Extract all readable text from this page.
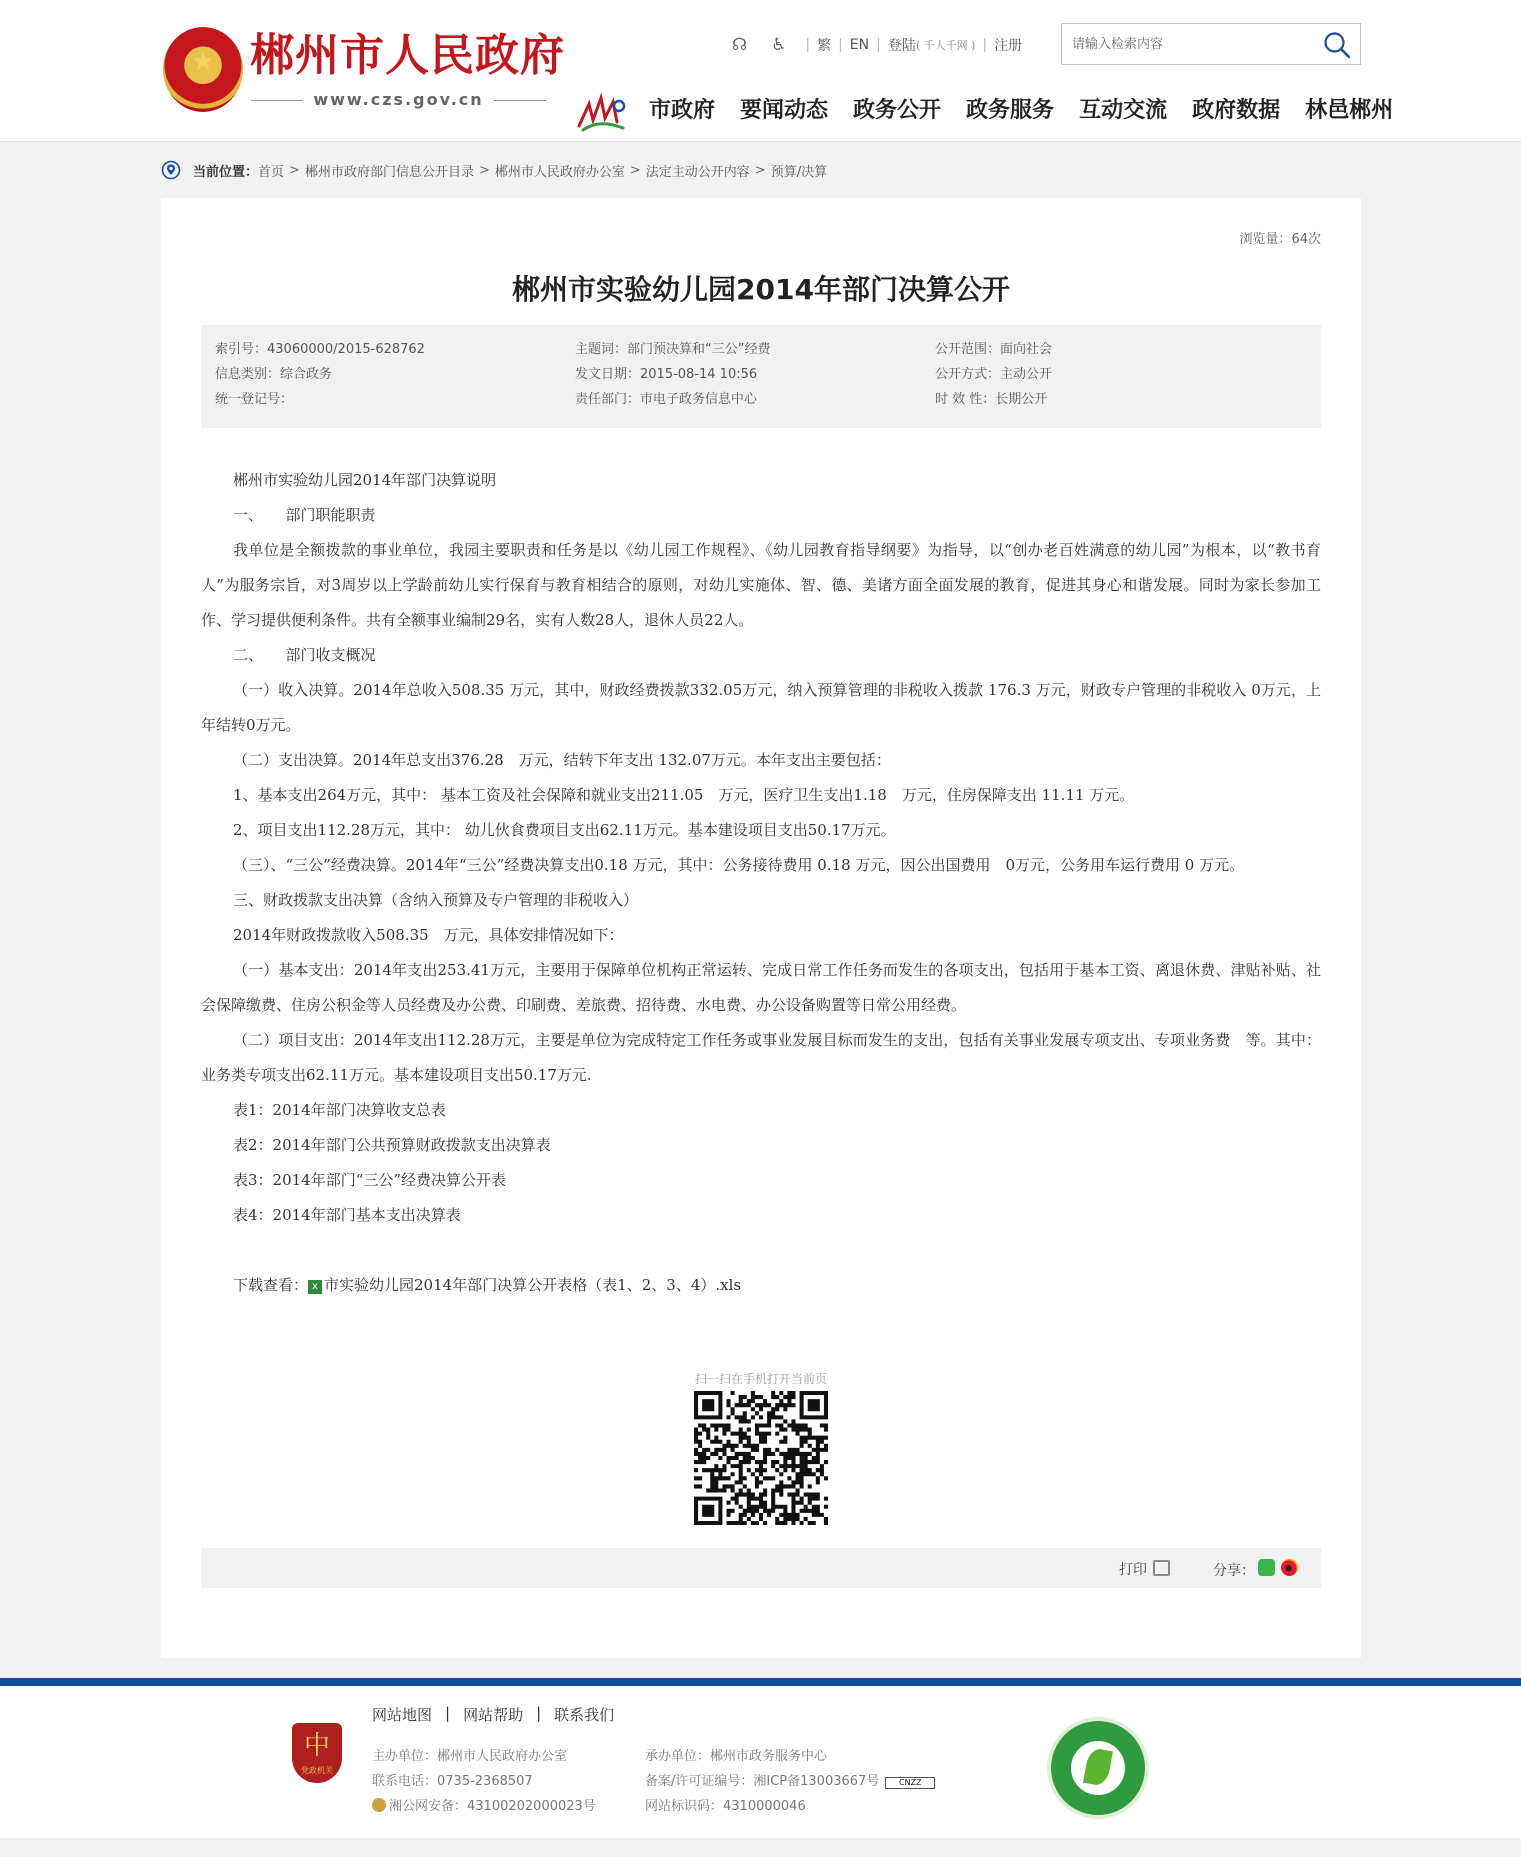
★ 郴州市人民政府
www.czs.gov.cn
☊ ♿ | 繁 | EN | 登陆 ( 千人千网 ) | 注册
请输入检索内容
市政府 要闻动态 政务公开 政务服务 互动交流 政府数据 林邑郴州
当前位置： 首页 > 郴州市政府部门信息公开目录 > 郴州市人民政府办公室 > 法定主动公开内容 > 预算/决算
浏览量：64次
郴州市实验幼儿园2014年部门决算公开
索引号：43060000/2015-628762	主题词：部门预决算和“三公”经费	公开范围：面向社会
信息类别：综合政务	发文日期：2015-08-14 10:56	公开方式：主动公开
统一登记号：	责任部门：市电子政务信息中心	时 效 性：长期公开

郴州市实验幼儿园2014年部门决算说明

一、　　部门职能职责

我单位是全额拨款的事业单位，我园主要职责和任务是以《幼儿园工作规程》、《幼儿园教育指导纲要》为指导，以“创办老百姓满意的幼儿园”为根本，以“教书育人”为服务宗旨，对3周岁以上学龄前幼儿实行保育与教育相结合的原则，对幼儿实施体、智、德、美诸方面全面发展的教育，促进其身心和谐发展。同时为家长参加工作、学习提供便利条件。共有全额事业编制29名，实有人数28人，退休人员22人。

二、　　部门收支概况

（一）收入决算。2014年总收入508.35 万元，其中，财政经费拨款332.05万元，纳入预算管理的非税收入拨款 176.3 万元，财政专户管理的非税收入 0万元，上年结转0万元。

（二）支出决算。2014年总支出376.28　万元，结转下年支出 132.07万元。本年支出主要包括：

1、基本支出264万元，其中： 基本工资及社会保障和就业支出211.05　万元，医疗卫生支出1.18　万元，住房保障支出 11.11 万元。

2、项目支出112.28万元，其中： 幼儿伙食费项目支出62.11万元。基本建设项目支出50.17万元。

（三）、“三公”经费决算。2014年“三公”经费决算支出0.18 万元，其中：公务接待费用 0.18 万元，因公出国费用　0万元，公务用车运行费用 0 万元。

三、财政拨款支出决算（含纳入预算及专户管理的非税收入）

2014年财政拨款收入508.35　万元，具体安排情况如下：

（一）基本支出：2014年支出253.41万元，主要用于保障单位机构正常运转、完成日常工作任务而发生的各项支出，包括用于基本工资、离退休费、津贴补贴、社会保障缴费、住房公积金等人员经费及办公费、印刷费、差旅费、招待费、水电费、办公设备购置等日常公用经费。

（二）项目支出：2014年支出112.28万元，主要是单位为完成特定工作任务或事业发展目标而发生的支出，包括有关事业发展专项支出、专项业务费　等。其中：业务类专项支出62.11万元。基本建设项目支出50.17万元.

表1：2014年部门决算收支总表

表2：2014年部门公共预算财政拨款支出决算表

表3：2014年部门“三公”经费决算公开表

表4：2014年部门基本支出决算表

下载查看： x 市实验幼儿园2014年部门决算公开表格（表1、2、3、4）.xls

扫一扫在手机打开当前页
打印	分享：
中
党政机关
网站地图 | 网站帮助 | 联系我们
主办单位：郴州市人民政府办公室
联系电话：0735-2368507
湘公网安备：43100202000023号
承办单位：郴州市政务服务中心
备案/许可证编号：湘ICP备13003667号 CNZZ
网站标识码：4310000046
